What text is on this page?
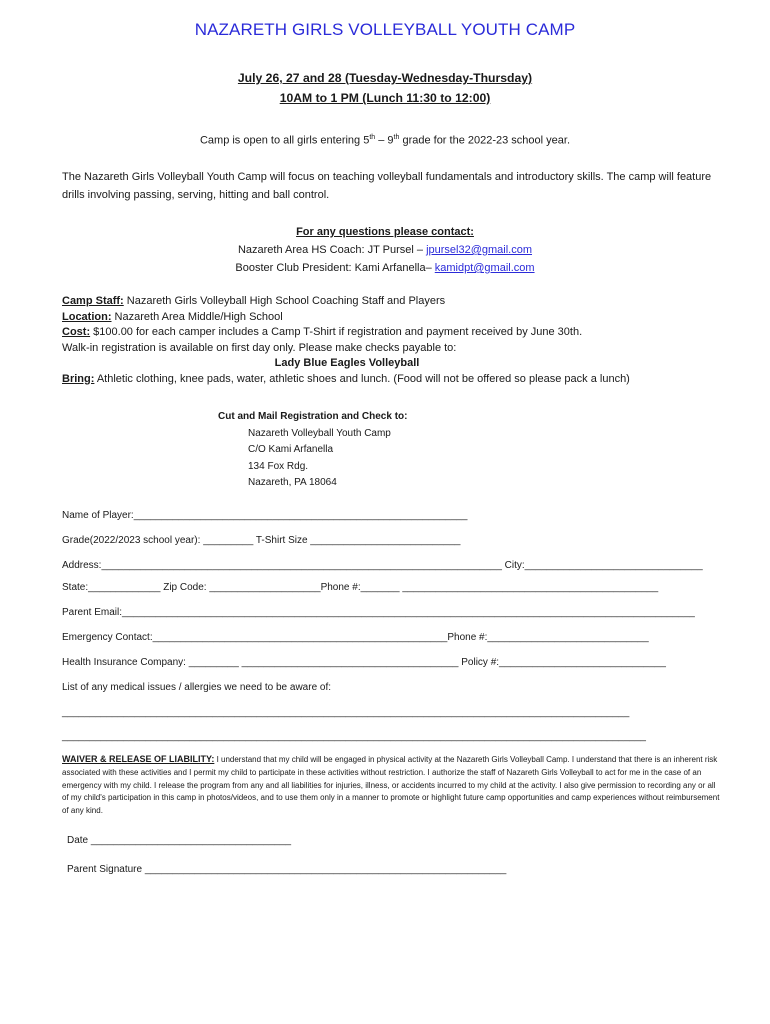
NAZARETH GIRLS VOLLEYBALL YOUTH CAMP
July 26, 27 and 28 (Tuesday-Wednesday-Thursday)
10AM to 1 PM (Lunch 11:30 to 12:00)
Camp is open to all girls entering 5th – 9th grade for the 2022-23 school year.
The Nazareth Girls Volleyball Youth Camp will focus on teaching volleyball fundamentals and introductory skills. The camp will feature drills involving passing, serving, hitting and ball control.
For any questions please contact:
Nazareth Area HS Coach: JT Pursel – jpursel32@gmail.com
Booster Club President: Kami Arfanella– kamidpt@gmail.com
Camp Staff: Nazareth Girls Volleyball High School Coaching Staff and Players
Location: Nazareth Area Middle/High School
Cost: $100.00 for each camper includes a Camp T-Shirt if registration and payment received by June 30th.
Walk-in registration is available on first day only. Please make checks payable to:
Lady Blue Eagles Volleyball
Bring: Athletic clothing, knee pads, water, athletic shoes and lunch. (Food will not be offered so please pack a lunch)
Cut and Mail Registration and Check to:
Nazareth Volleyball Youth Camp
C/O Kami Arfanella
134 Fox Rdg.
Nazareth, PA 18064
Name of Player:____________________________________________________________
Grade(2022/2023 school year): _________ T-Shirt Size ___________________________
Address:________________________________________________________________________ City:________________________________
State:_____________ Zip Code: ____________________Phone #:_______ ______________________________________________
Parent Email:_______________________________________________________________________________________________________
Emergency Contact:_____________________________________________________Phone #:_____________________________
Health Insurance Company: _________ _______________________________________ Policy #:______________________________
List of any medical issues / allergies we need to be aware of:
______________________________________________________________________________________________________
_________________________________________________________________________________________________________
WAIVER & RELEASE OF LIABILITY: I understand that my child will be engaged in physical activity at the Nazareth Girls Volleyball Camp. I understand that there is an inherent risk associated with these activities and I permit my child to participate in these activities without restriction. I authorize the staff of Nazareth Girls Volleyball to act for me in the case of an emergency with my child. I release the program from any and all liabilities for injuries, illness, or accidents incurred to my child at the activity. I also give permission to recording any or all of my child's participation in this camp in photos/videos, and to use them only in a manner to promote or highlight future camp opportunities and camp experiences without reimbursement of any kind.
Date ____________________________________
Parent Signature _________________________________________________________________
